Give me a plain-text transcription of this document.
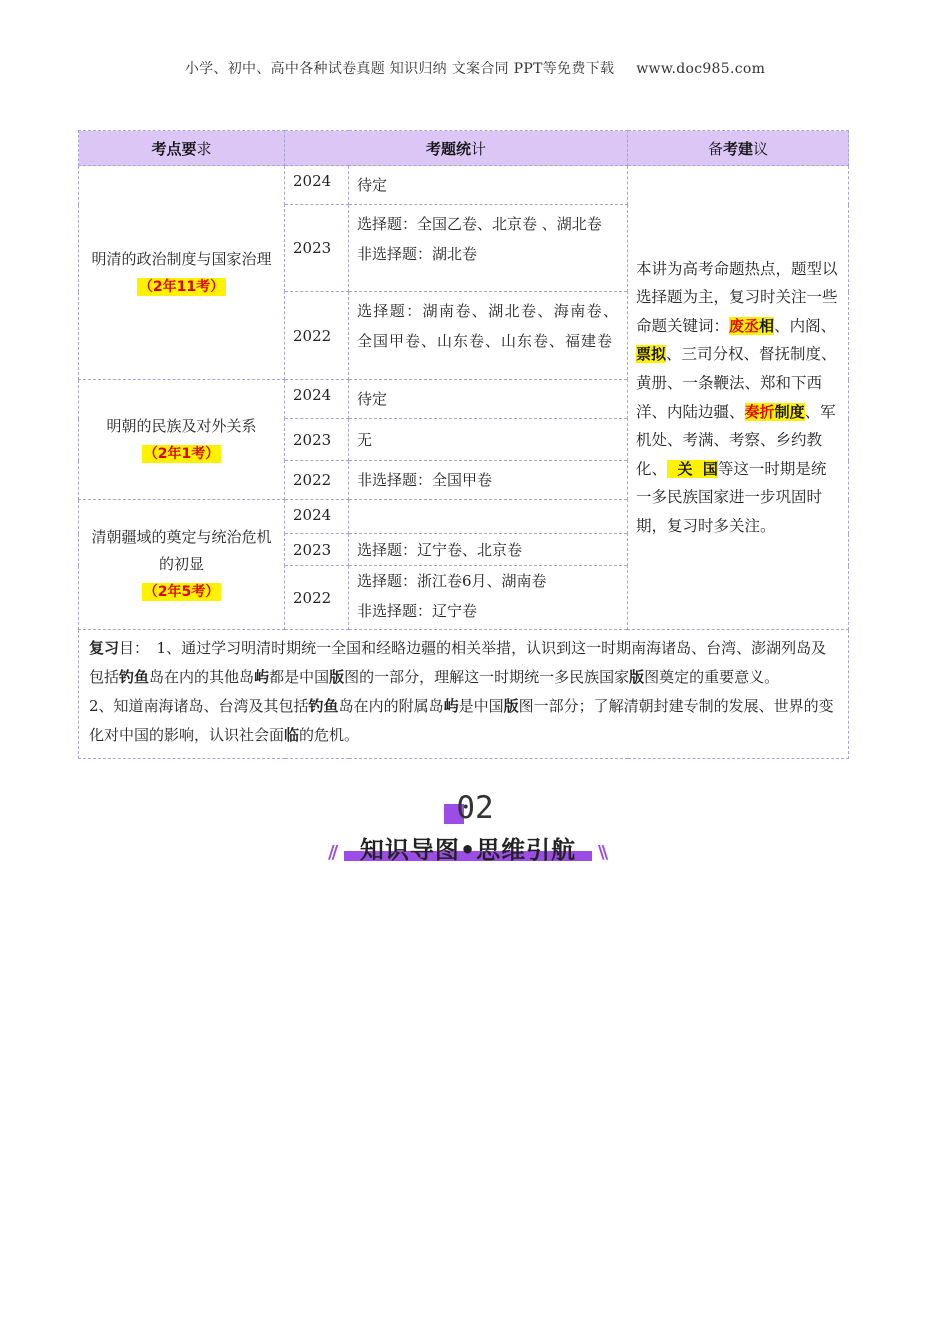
小学、初中、高中各种试卷真题 知识归纳 文案合同 PPT等免费下载 www.doc985.com
考点要求	考题统计		备考建议

明清的政治制度与国家治理
（2年11考）	2024	待定	本讲为高考命题热点，题型以选择题为主，复习时关注一些命题关键词：废丞相、内阁、票拟、三司分权、督抚制度、黄册、一条鞭法、郑和下西洋、内陆边疆、奏折制度、军机处、考满、考察、乡约教化、  关  国等这一时期是统一多民族国家进一步巩固时期，复习时多关注。
	2023	选择题：全国乙卷、北京卷 、湖北卷
非选择题：湖北卷	

	2022	选择题：湖南卷、湖北卷、海南卷、全国甲卷、山东卷、山东卷、福建卷	

明朝的民族及对外关系
（2年1考）	2024	待定	

	2023	无	

	2022	非选择题：全国甲卷	

清朝疆域的奠定与统治危机的初显
（2年5考）	2024		

	2023	选择题：辽宁卷、北京卷	

	2022	选择题：浙江卷6月、湖南卷
非选择题：辽宁卷	

复习目：　1、通过学习明清时期统一全国和经略边疆的相关举措，认识到这一时期南海诸岛、台湾、澎湖列岛及包括钓鱼岛在内的其他岛屿都是中国版图的一部分，理解这一时期统一多民族国家版图奠定的重要意义。
2、知道南海诸岛、台湾及其包括钓鱼岛在内的附属岛屿是中国版图一部分；了解清朝封建专制的发展、世界的变化对中国的影响，认识社会面临的危机。			
02
//	知识导图•思维引航	\\
